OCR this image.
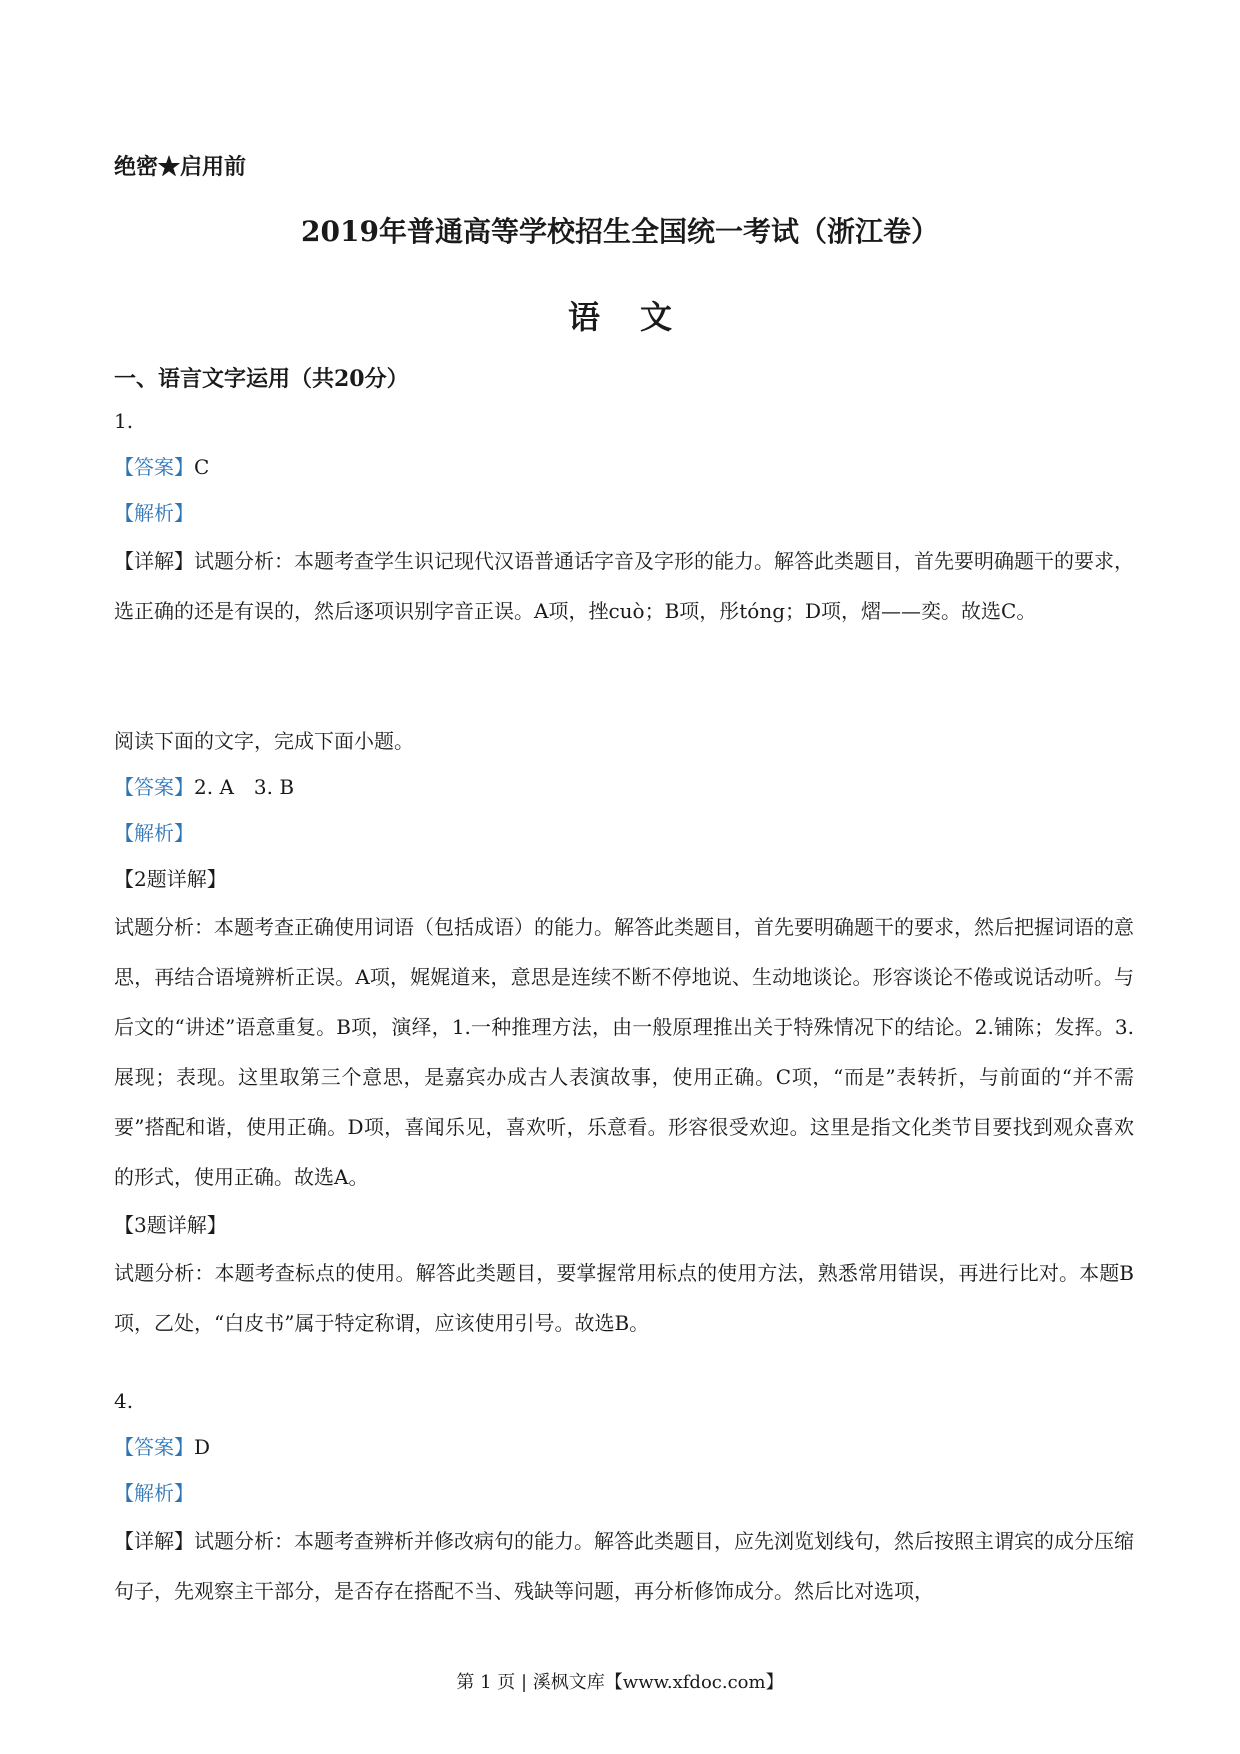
绝密★启用前
2019年普通高等学校招生全国统一考试（浙江卷）
语文
一、语言文字运用（共20分）
1.
【答案】C
【解析】
【详解】试题分析：本题考查学生识记现代汉语普通话字音及字形的能力。解答此类题目，首先要明确题干的要求，选正确的还是有误的，然后逐项识别字音正误。A项，挫cuò；B项，彤tóng；D项，熠——奕。故选C。
阅读下面的文字，完成下面小题。
【答案】2. A　3. B
【解析】
【2题详解】
试题分析：本题考查正确使用词语（包括成语）的能力。解答此类题目，首先要明确题干的要求，然后把握词语的意思，再结合语境辨析正误。A项，娓娓道来，意思是连续不断不停地说、生动地谈论。形容谈论不倦或说话动听。与后文的“讲述”语意重复。B项，演绎，1.一种推理方法，由一般原理推出关于特殊情况下的结论。2.铺陈；发挥。3.展现；表现。这里取第三个意思，是嘉宾办成古人表演故事，使用正确。C项，“而是”表转折，与前面的“并不需要”搭配和谐，使用正确。D项，喜闻乐见，喜欢听，乐意看。形容很受欢迎。这里是指文化类节目要找到观众喜欢的形式，使用正确。故选A。
【3题详解】
试题分析：本题考查标点的使用。解答此类题目，要掌握常用标点的使用方法，熟悉常用错误，再进行比对。本题B项，乙处，“白皮书”属于特定称谓，应该使用引号。故选B。
4.
【答案】D
【解析】
【详解】试题分析：本题考查辨析并修改病句的能力。解答此类题目，应先浏览划线句，然后按照主谓宾的成分压缩句子，先观察主干部分，是否存在搭配不当、残缺等问题，再分析修饰成分。然后比对选项，
第 1 页 | 溪枫文库【www.xfdoc.com】
